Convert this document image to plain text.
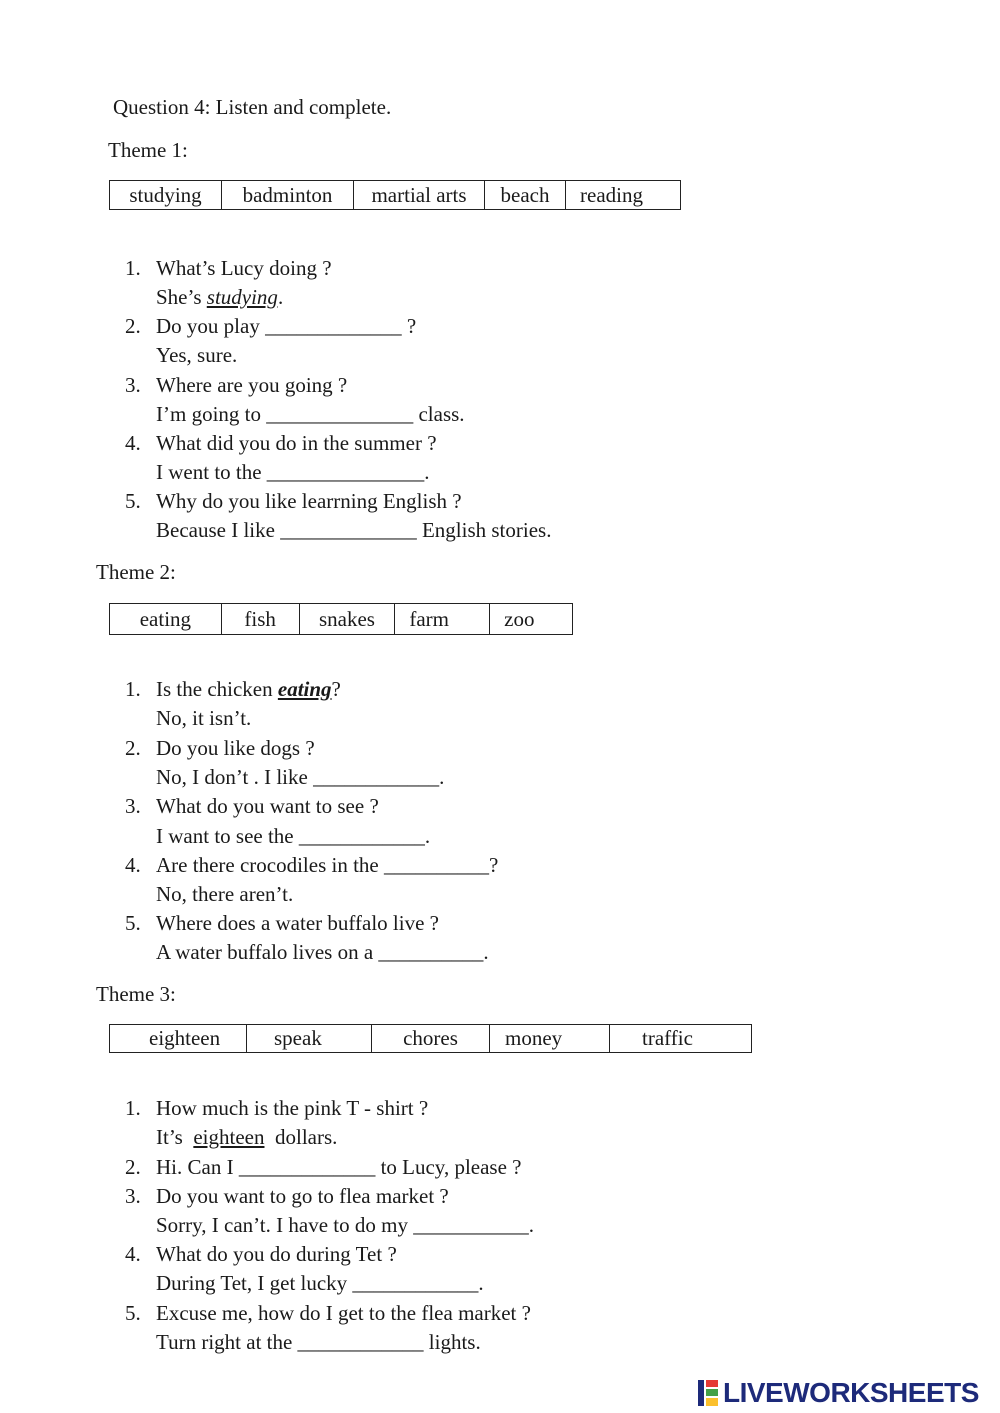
Question 4: Listen and complete.
Theme 1:
studying	badminton	martial arts	beach	reading
1. What’s Lucy doing ?
She’s studying.
2. Do you play _____________ ?
Yes, sure.
3. Where are you going ?
I’m going to ______________ class.
4. What did you do in the summer ?
I went to the _______________.
5. Why do you like learrning English ?
Because I like _____________ English stories.
Theme 2:
eating	fish	snakes	farm	zoo
1. Is the chicken eating?
No, it isn’t.
2. Do you like dogs ?
No, I don’t . I like ____________.
3. What do you want to see ?
I want to see the ____________.
4. Are there crocodiles in the __________?
No, there aren’t.
5. Where does a water buffalo live ?
A water buffalo lives on a __________.
Theme 3:
eighteen	speak	chores	money	traffic
1. How much is the pink T - shirt ?
It’s  eighteen  dollars.
2. Hi. Can I _____________ to Lucy, please ?
3. Do you want to go to flea market ?
Sorry, I can’t. I have to do my ___________.
4. What do you do during Tet ?
During Tet, I get lucky ____________.
5. Excuse me, how do I get to the flea market ?
Turn right at the ____________ lights.
LIVEWORKSHEETS
